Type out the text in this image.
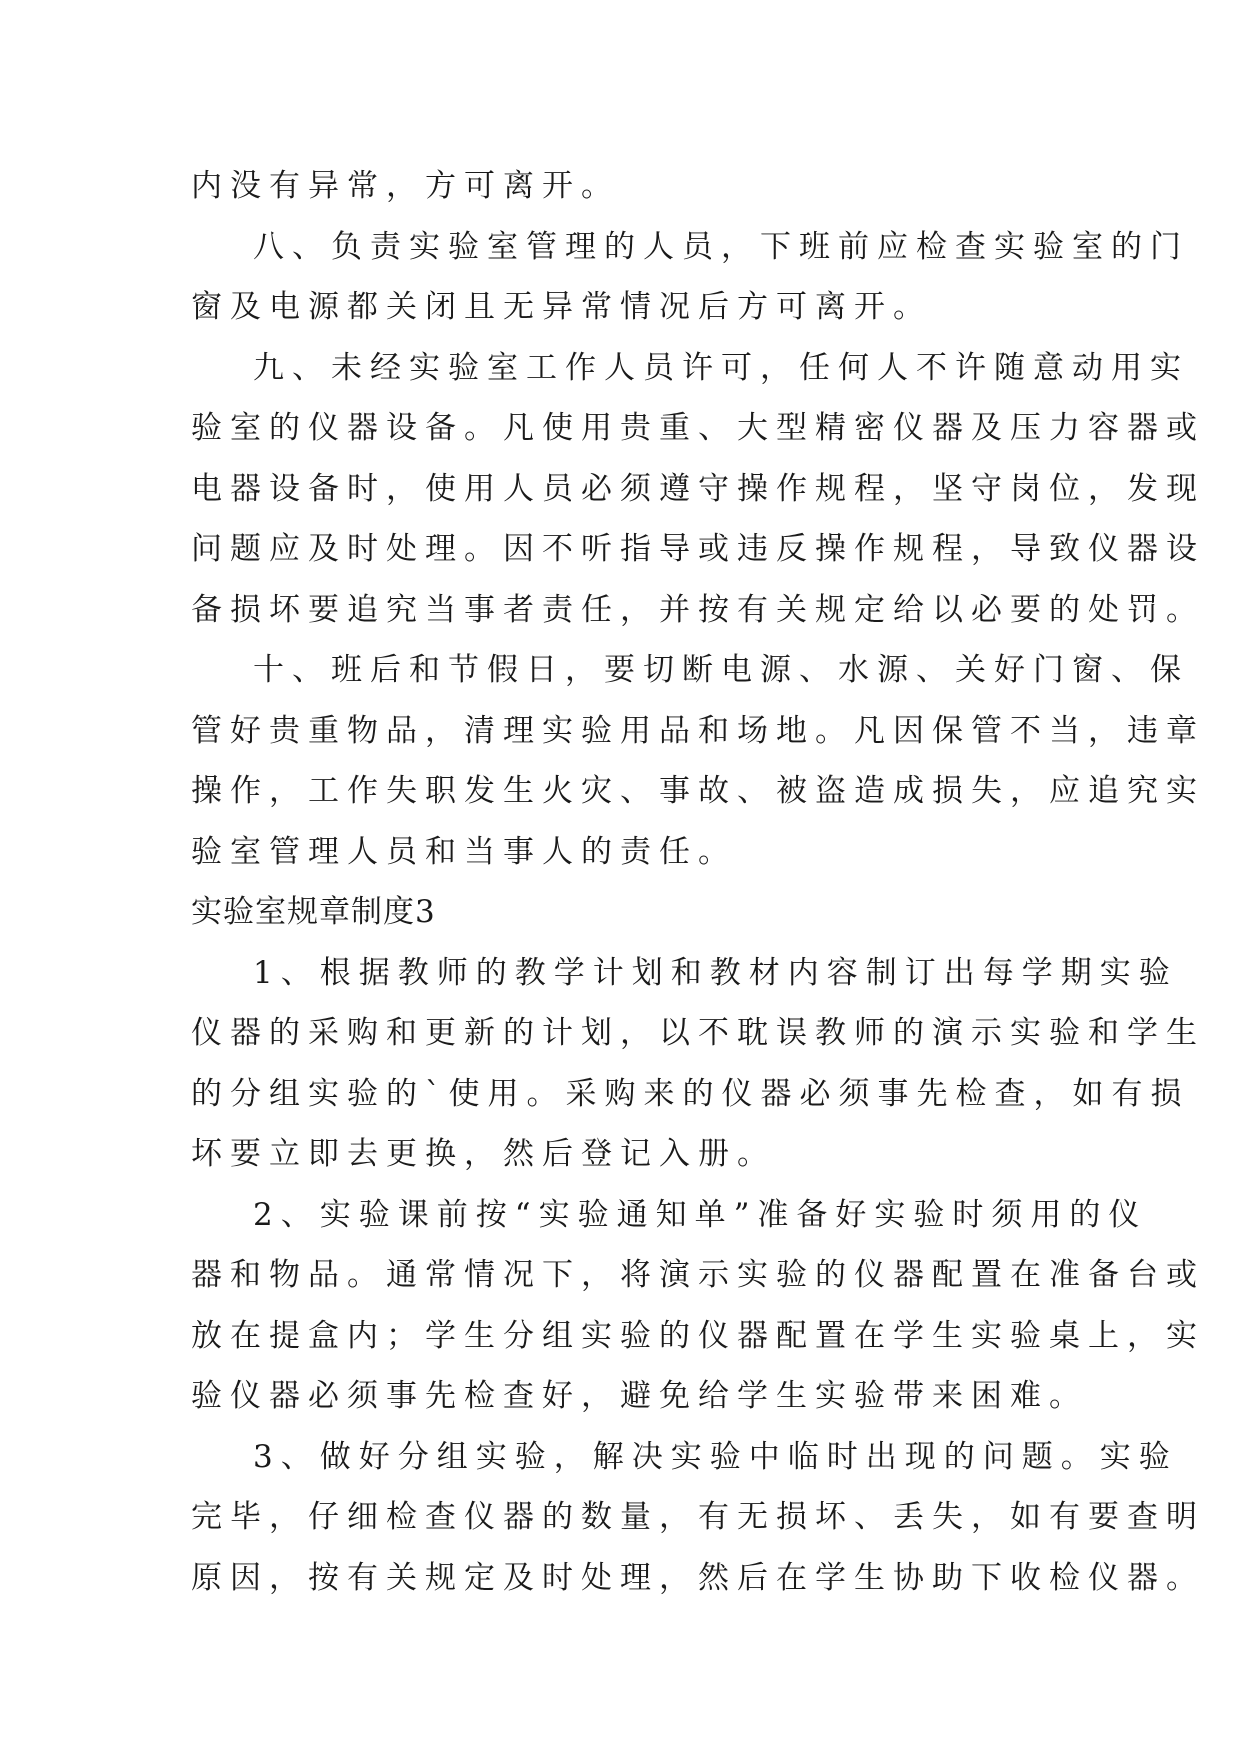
内没有异常，方可离开。

八、负责实验室管理的人员，下班前应检查实验室的门

窗及电源都关闭且无异常情况后方可离开。

九、未经实验室工作人员许可，任何人不许随意动用实

验室的仪器设备。凡使用贵重、大型精密仪器及压力容器或

电器设备时，使用人员必须遵守操作规程，坚守岗位，发现

问题应及时处理。因不听指导或违反操作规程，导致仪器设

备损坏要追究当事者责任，并按有关规定给以必要的处罚。

十、班后和节假日，要切断电源、水源、关好门窗、保

管好贵重物品，清理实验用品和场地。凡因保管不当，违章

操作，工作失职发生火灾、事故、被盗造成损失，应追究实

验室管理人员和当事人的责任。

实验室规章制度3

1、根据教师的教学计划和教材内容制订出每学期实验

仪器的采购和更新的计划，以不耽误教师的演示实验和学生

的分组实验的`使用。采购来的仪器必须事先检查，如有损

坏要立即去更换，然后登记入册。

2、实验课前按“实验通知单”准备好实验时须用的仪

器和物品。通常情况下，将演示实验的仪器配置在准备台或

放在提盒内；学生分组实验的仪器配置在学生实验桌上，实

验仪器必须事先检查好，避免给学生实验带来困难。

3、做好分组实验，解决实验中临时出现的问题。实验

完毕，仔细检查仪器的数量，有无损坏、丢失，如有要查明

原因，按有关规定及时处理，然后在学生协助下收检仪器。
